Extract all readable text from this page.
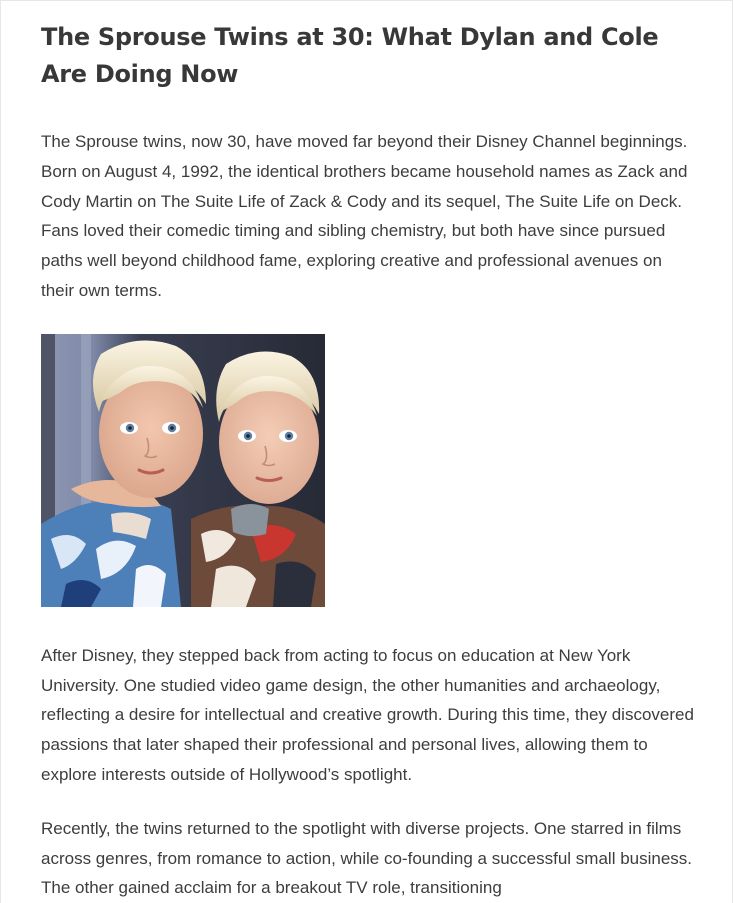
The Sprouse Twins at 30: What Dylan and Cole Are Doing Now

The Sprouse twins, now 30, have moved far beyond their Disney Channel beginnings. Born on August 4, 1992, the identical brothers became household names as Zack and Cody Martin on The Suite Life of Zack & Cody and its sequel, The Suite Life on Deck. Fans loved their comedic timing and sibling chemistry, but both have since pursued paths well beyond childhood fame, exploring creative and professional avenues on their own terms.

After Disney, they stepped back from acting to focus on education at New York University. One studied video game design, the other humanities and archaeology, reflecting a desire for intellectual and creative growth. During this time, they discovered passions that later shaped their professional and personal lives, allowing them to explore interests outside of Hollywood’s spotlight.

Recently, the twins returned to the spotlight with diverse projects. One starred in films across genres, from romance to action, while co-founding a successful small business. The other gained acclaim for a breakout TV role, transitioning
